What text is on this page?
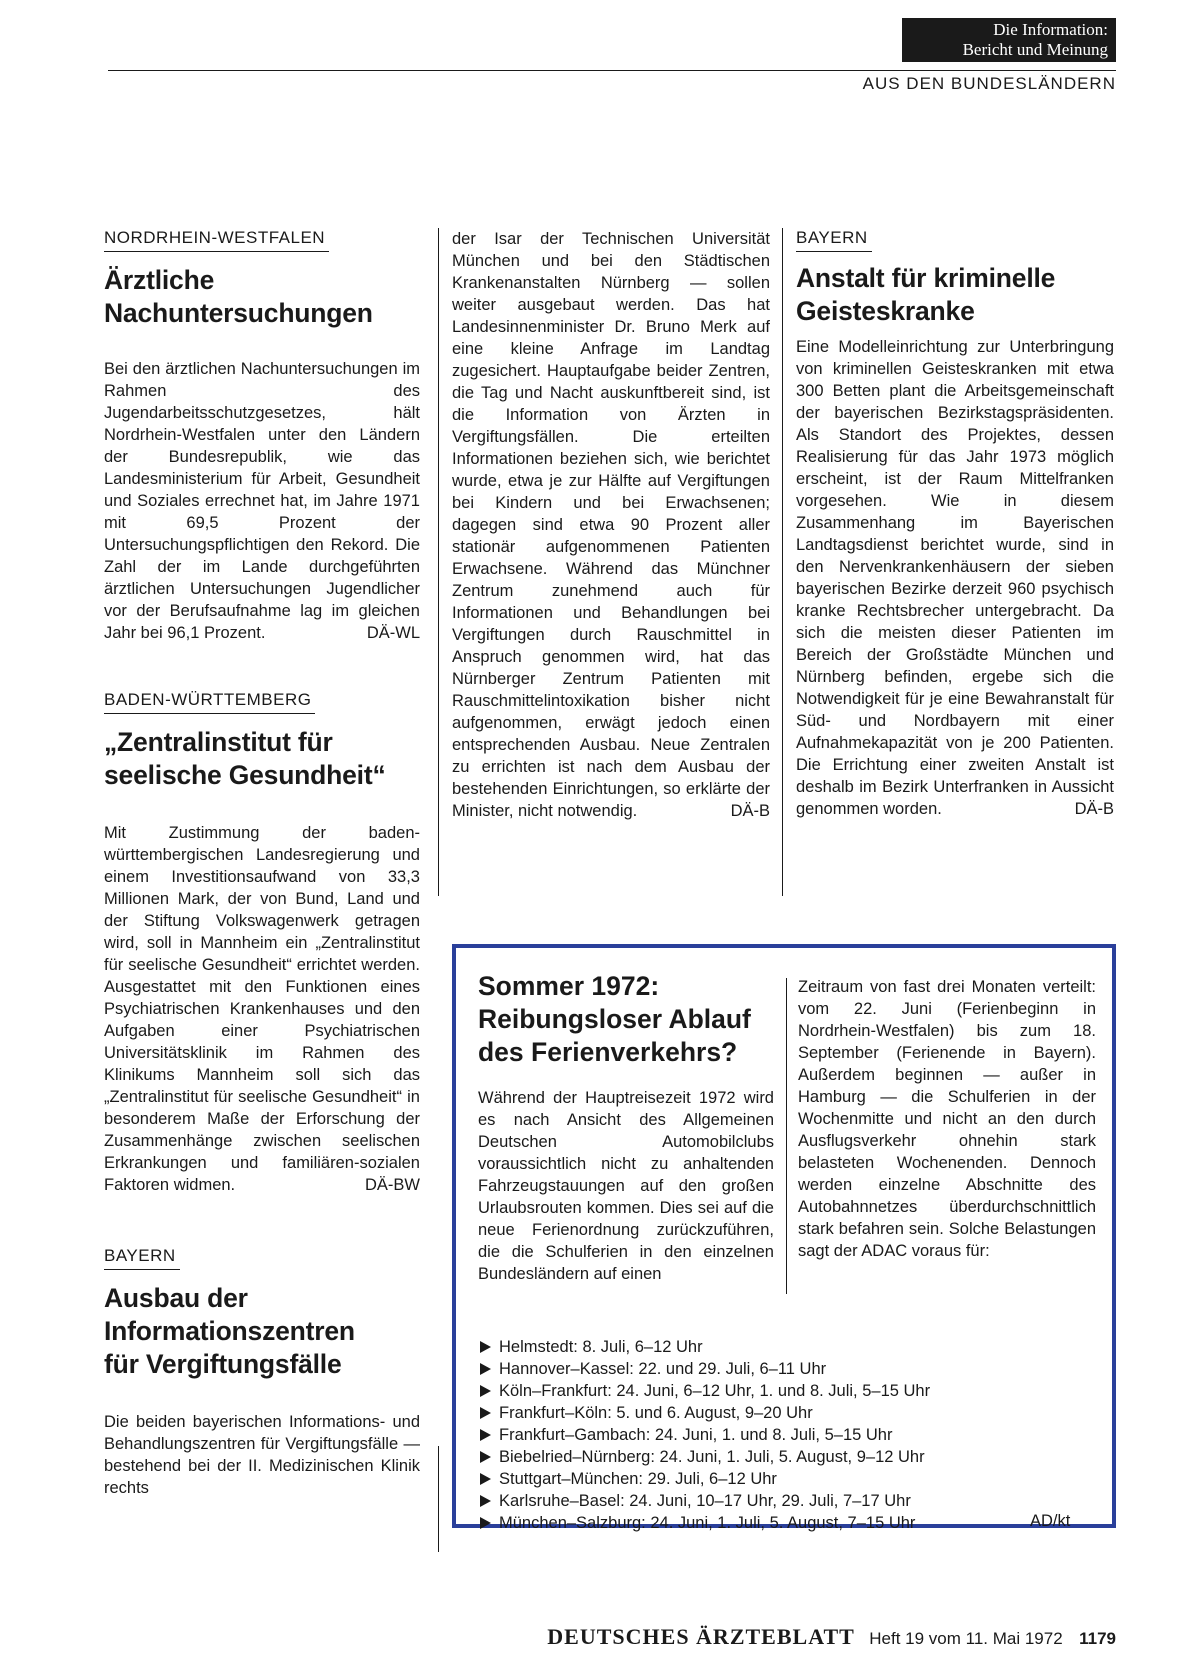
Die Information:
Bericht und Meinung
AUS DEN BUNDESLÄNDERN
NORDRHEIN-WESTFALEN
Ärztliche Nachuntersuchungen

Bei den ärztlichen Nachuntersuchungen im Rahmen des Jugendarbeitsschutzgesetzes, hält Nordrhein-Westfalen unter den Ländern der Bundesrepublik, wie das Landesministerium für Arbeit, Gesundheit und Soziales errechnet hat, im Jahre 1971 mit 69,5 Prozent der Untersuchungspflichtigen den Rekord. Die Zahl der im Lande durchgeführten ärztlichen Untersuchungen Jugendlicher vor der Berufsaufnahme lag im gleichen Jahr bei 96,1 Prozent.	DÄ-WL

BADEN-WÜRTTEMBERG
„Zentralinstitut für seelische Gesundheit“

Mit Zustimmung der baden-württembergischen Landesregierung und einem Investitionsaufwand von 33,3 Millionen Mark, der von Bund, Land und der Stiftung Volkswagenwerk getragen wird, soll in Mannheim ein „Zentralinstitut für seelische Gesundheit“ errichtet werden. Ausgestattet mit den Funktionen eines Psychiatrischen Krankenhauses und den Aufgaben einer Psychiatrischen Universitätsklinik im Rahmen des Klinikums Mannheim soll sich das „Zentralinstitut für seelische Gesundheit“ in besonderem Maße der Erforschung der Zusammenhänge zwischen seelischen Erkrankungen und familiären-sozialen Faktoren widmen.	DÄ-BW

BAYERN
Ausbau der Informationszentren für Vergiftungsfälle

Die beiden bayerischen Informations- und Behandlungszentren für Vergiftungsfälle — bestehend bei der II. Medizinischen Klinik rechts

der Isar der Technischen Universität München und bei den Städtischen Krankenanstalten Nürnberg — sollen weiter ausgebaut werden. Das hat Landesinnenminister Dr. Bruno Merk auf eine kleine Anfrage im Landtag zugesichert. Hauptaufgabe beider Zentren, die Tag und Nacht auskunftbereit sind, ist die Information von Ärzten in Vergiftungsfällen. Die erteilten Informationen beziehen sich, wie berichtet wurde, etwa je zur Hälfte auf Vergiftungen bei Kindern und bei Erwachsenen; dagegen sind etwa 90 Prozent aller stationär aufgenommenen Patienten Erwachsene. Während das Münchner Zentrum zunehmend auch für Informationen und Behandlungen bei Vergiftungen durch Rauschmittel in Anspruch genommen wird, hat das Nürnberger Zentrum Patienten mit Rauschmittelintoxikation bisher nicht aufgenommen, erwägt jedoch einen entsprechenden Ausbau. Neue Zentralen zu errichten ist nach dem Ausbau der bestehenden Einrichtungen, so erklärte der Minister, nicht notwendig.	DÄ-B

BAYERN
Anstalt für kriminelle Geisteskranke

Eine Modelleinrichtung zur Unterbringung von kriminellen Geisteskranken mit etwa 300 Betten plant die Arbeitsgemeinschaft der bayerischen Bezirkstagspräsidenten. Als Standort des Projektes, dessen Realisierung für das Jahr 1973 möglich erscheint, ist der Raum Mittelfranken vorgesehen. Wie in diesem Zusammenhang im Bayerischen Landtagsdienst berichtet wurde, sind in den Nervenkrankenhäusern der sieben bayerischen Bezirke derzeit 960 psychisch kranke Rechtsbrecher untergebracht. Da sich die meisten dieser Patienten im Bereich der Großstädte München und Nürnberg befinden, ergebe sich die Notwendigkeit für je eine Bewahranstalt für Süd- und Nordbayern mit einer Aufnahmekapazität von je 200 Patienten. Die Errichtung einer zweiten Anstalt ist deshalb im Bezirk Unterfranken in Aussicht genommen worden.	DÄ-B

Sommer 1972: Reibungsloser Ablauf des Ferienverkehrs?

Während der Hauptreisezeit 1972 wird es nach Ansicht des Allgemeinen Deutschen Automobilclubs voraussichtlich nicht zu anhaltenden Fahrzeugstauungen auf den großen Urlaubsrouten kommen. Dies sei auf die neue Ferienordnung zurückzuführen, die die Schulferien in den einzelnen Bundesländern auf einen

Zeitraum von fast drei Monaten verteilt: vom 22. Juni (Ferienbeginn in Nordrhein-Westfalen) bis zum 18. September (Ferienende in Bayern). Außerdem beginnen — außer in Hamburg — die Schulferien in der Wochenmitte und nicht an den durch Ausflugsverkehr ohnehin stark belasteten Wochenenden. Dennoch werden einzelne Abschnitte des Autobahnnetzes überdurchschnittlich stark befahren sein. Solche Belastungen sagt der ADAC voraus für:

Helmstedt: 8. Juli, 6–12 Uhr
Hannover–Kassel: 22. und 29. Juli, 6–11 Uhr
Köln–Frankfurt: 24. Juni, 6–12 Uhr, 1. und 8. Juli, 5–15 Uhr
Frankfurt–Köln: 5. und 6. August, 9–20 Uhr
Frankfurt–Gambach: 24. Juni, 1. und 8. Juli, 5–15 Uhr
Biebelried–Nürnberg: 24. Juni, 1. Juli, 5. August, 9–12 Uhr
Stuttgart–München: 29. Juli, 6–12 Uhr
Karlsruhe–Basel: 24. Juni, 10–17 Uhr, 29. Juli, 7–17 Uhr
München–Salzburg: 24. Juni, 1. Juli, 5. August, 7–15 Uhr	AD/kt
DEUTSCHES ÄRZTEBLATT Heft 19 vom 11. Mai 1972 1179
